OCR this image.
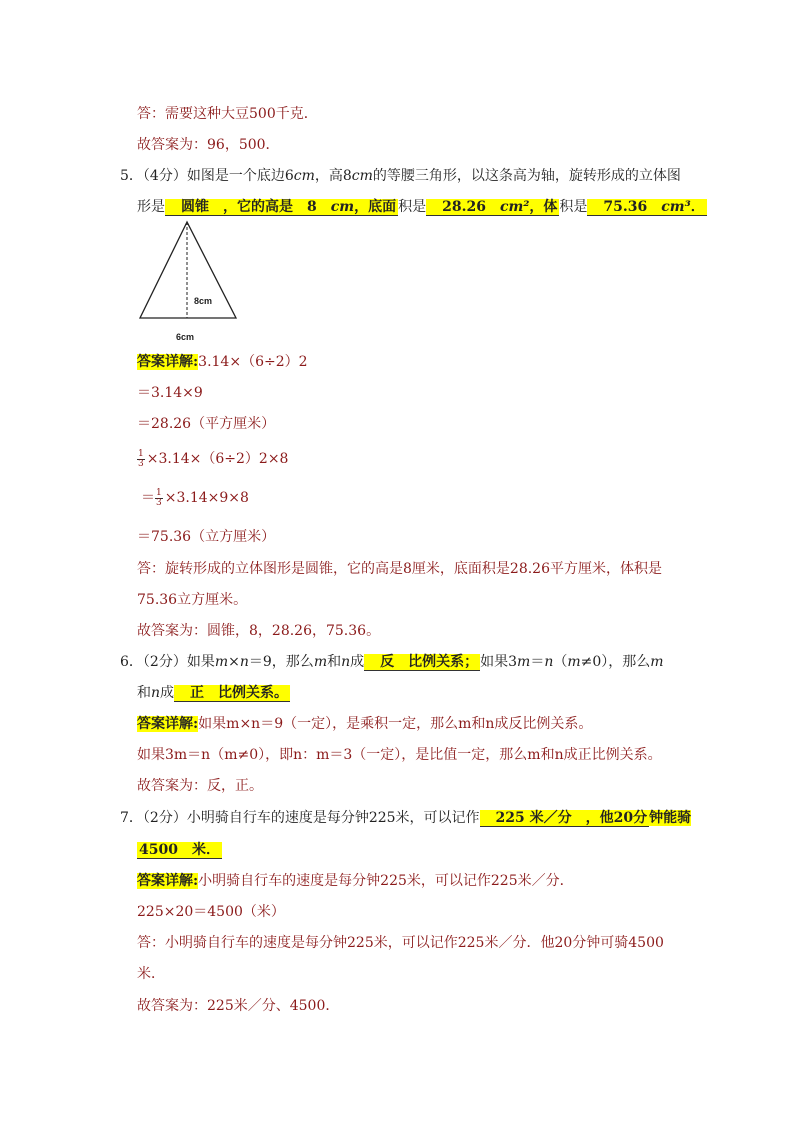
答：需要这种大豆500千克．
故答案为：96，500．
5．（4分）如图是一个底边6cm，高8cm的等腰三角形，以这条高为轴，旋转形成的立体图
形是　圆锥　，它的高是　8　cm，底面 积是　28.26　cm²，体 积是　75.36　cm³．
8cm
6cm
答案详解:3.14×（6÷2）2
＝3.14×9
＝28.26（平方厘米）
$\frac{1}{3} \times 3.14\times(6\div 2)2\times 8$
＝ $\frac{1}{3} \times 3.14\times 9\times 8$
＝75.36（立方厘米）
答：旋转形成的立体图形是圆锥，它的高是8厘米，底面积是28.26平方厘米，体积是
75.36立方厘米。
故答案为：圆锥，8，28.26，75.36。
6．（2分）如果m×n＝9，那么m和n成　反　比例关系； 如果3m＝n（m≠0），那么m
和n成　正　比例关系。
答案详解:如果m×n＝9（一定），是乘积一定，那么m和n成反比例关系。
如果3m＝n（m≠0），即n：m＝3（一定），是比值一定，那么m和n成正比例关系。
故答案为：反，正。
7．（2分）小明骑自行车的速度是每分钟225米，可以记作　225 米／分　，他20分 钟能骑
4500　米．
答案详解:小明骑自行车的速度是每分钟225米，可以记作225米／分．
225×20＝4500（米）
答：小明骑自行车的速度是每分钟225米，可以记作225米／分．他20分钟可骑4500
米．
故答案为：225米／分、4500．
